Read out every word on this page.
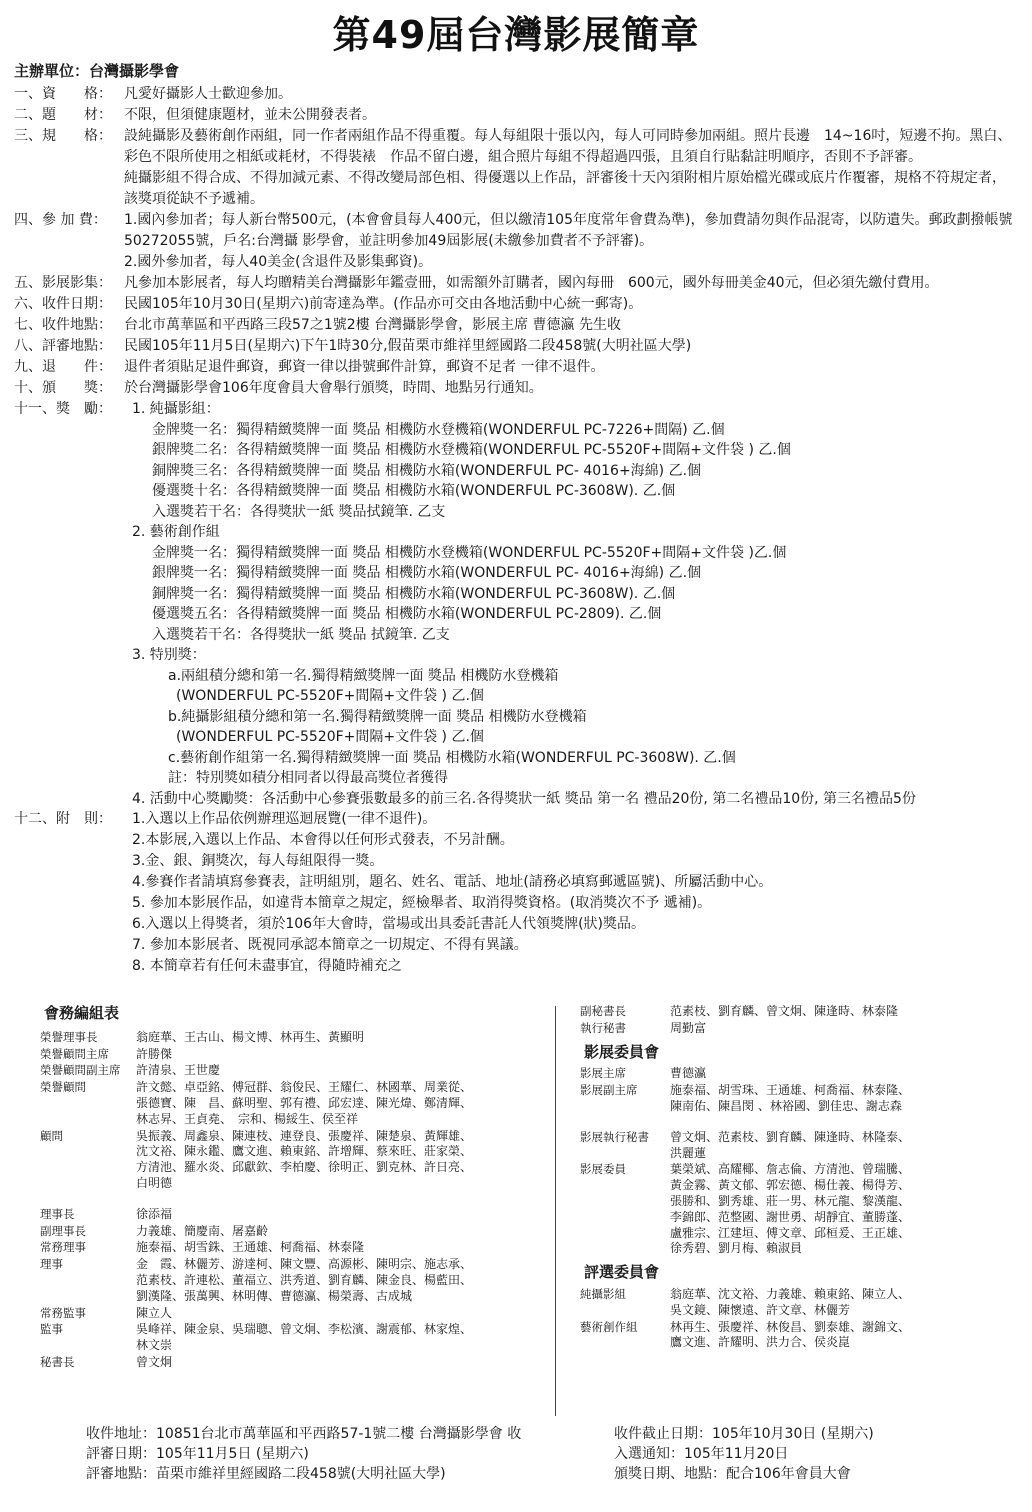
第49屆台灣影展簡章
主辦單位：台灣攝影學會
一、資　　格： 凡愛好攝影人士歡迎參加。
二、題　　材： 不限，但須健康題材，並未公開發表者。
三、規　　格： 設純攝影及藝術創作兩組，同一作者兩組作品不得重覆。每人每組限十張以內，每人可同時參加兩組。照片長邊　14~16吋，短邊不拘。黑白、彩色不限所使用之相紙或耗材，不得裝裱　作品不留白邊，組合照片每組不得超過四張，且須自行貼黏註明順序，否則不予評審。
純攝影組不得合成、不得加減元素、不得改變局部色相、得優選以上作品，評審後十天內須附相片原始檔光碟或底片作覆審，規格不符規定者，該獎項從缺不予遞補。
四、參 加 費：	1.國內參加者；每人新台幣500元，(本會會員每人400元，但以繳清105年度常年會費為準)，參加費請勿與作品混寄，以防遺失。郵政劃撥帳號50272055號，戶名:台灣攝 影學會，並註明參加49屆影展(未繳參加費者不予評審)。
2.國外參加者，每人40美金(含退件及影集郵資)。
五、影展影集： 凡參加本影展者，每人均贈精美台灣攝影年鑑壹冊，如需額外訂購者，國內每冊　600元，國外每冊美金40元，但必須先繳付費用。
六、收件日期： 民國105年10月30日(星期六)前寄達為準。(作品亦可交由各地活動中心統一郵寄)。
七、收件地點： 台北市萬華區和平西路三段57之1號2樓 台灣攝影學會，影展主席 曹德瀛 先生收
八、評審地點： 民國105年11月5日(星期六)下午1時30分,假苗栗市維祥里經國路二段458號(大明社區大學)
九、退　　件： 退件者須貼足退件郵資，郵資一律以掛號郵件計算，郵資不足者 一律不退件。
十、頒　　獎： 於台灣攝影學會106年度會員大會舉行頒獎，時間、地點另行通知。
十一、獎　勵：	1. 純攝影組：
金牌獎一名：獨得精緻獎牌一面 獎品 相機防水登機箱(WONDERFUL PC-7226+間隔) 乙.個
銀牌獎二名：各得精緻獎牌一面 獎品 相機防水登機箱(WONDERFUL PC-5520F+間隔+文件袋 ) 乙.個
銅牌獎三名：各得精緻獎牌一面 獎品 相機防水箱(WONDERFUL PC- 4016+海綿) 乙.個
優選獎十名：各得精緻獎牌一面 獎品 相機防水箱(WONDERFUL PC-3608W). 乙.個
入選獎若干名：各得獎狀一紙 獎品拭鏡筆. 乙支
2. 藝術創作組
金牌獎一名：獨得精緻獎牌一面 獎品 相機防水登機箱(WONDERFUL PC-5520F+間隔+文件袋 )乙.個
銀牌獎一名：獨得精緻獎牌一面 獎品 相機防水箱(WONDERFUL PC- 4016+海綿) 乙.個
銅牌獎一名：獨得精緻獎牌一面 獎品 相機防水箱(WONDERFUL PC-3608W). 乙.個
優選獎五名：各得精緻獎牌一面 獎品 相機防水箱(WONDERFUL PC-2809). 乙.個
入選獎若干名：各得獎狀一紙 獎品 拭鏡筆. 乙支
3. 特別獎：
a.兩組積分總和第一名.獨得精緻獎牌一面 獎品 相機防水登機箱
(WONDERFUL PC-5520F+間隔+文件袋 ) 乙.個
b.純攝影組積分總和第一名.獨得精緻獎牌一面 獎品 相機防水登機箱
(WONDERFUL PC-5520F+間隔+文件袋 ) 乙.個
c.藝術創作組第一名.獨得精緻獎牌一面 獎品 相機防水箱(WONDERFUL PC-3608W). 乙.個
註：特別獎如積分相同者以得最高獎位者獲得
4. 活動中心獎勵獎：各活動中心參賽張數最多的前三名.各得獎狀一紙 獎品 第一名 禮品20份, 第二名禮品10份, 第三名禮品5份
十二、附　則：	1.入選以上作品依例辦理巡迴展覽(一律不退件)。
2.本影展,入選以上作品、本會得以任何形式發表，不另計酬。
3.金、銀、銅獎次，每人每組限得一獎。
4.參賽作者請填寫參賽表，註明組別，題名、姓名、電話、地址(請務必填寫郵遞區號)、所屬活動中心。
5. 參加本影展作品，如違背本簡章之規定，經檢舉者、取消得獎資格。(取消獎次不予 遞補)。
6.入選以上得獎者，須於106年大會時，當場或出具委託書託人代領獎牌(狀)獎品。
7. 參加本影展者、既視同承認本簡章之一切規定、不得有異議。
8. 本簡章若有任何未盡事宜，得隨時補充之
會務編組表
榮譽理事長	翁庭華、王古山、楊文博、林再生、黃顯明
榮譽顧問主席	許勝傑
榮譽顧問副主席	許清泉、王世慶
榮譽顧問	許文懿、卓亞銘、傅冠群、翁俊民、王耀仁、林國華、周業從、
張德寶、陳　昌、蘇明聖、郭有禮、邱宏達、陳光煒、鄭清輝、
林志昇、王貞堯、　宗和、楊綏生、侯至祥
顧問	吳振義、周鑫泉、陳連枝、連登良、張慶祥、陳楚泉、黃輝雄、
沈文裕、陳永鑑、鷹文進、賴東銘、許增輝、蔡來旺、莊家榮、
方清池、羅水炎、邱獻欽、李柏慶、徐明正、劉克林、許日亮、
白明德
理事長	徐添福
副理事長	力義雄、簡慶南、屠嘉齡
常務理事	施泰福、胡雪銖、王通雄、柯喬福、林泰隆
理事	金　霞、林儷芳、游達柯、陳文豐、高源彬、陳明宗、施志承、
范素枝、許連松、董福立、洪秀道、劉育麟、陳金良、楊藍田、
劉漢隆、張萬興、林明傳、曹德瀛、楊榮壽、古成城
常務監事	陳立人
監事	吳峰祥、陳金泉、吳瑞聰、曾文炯、李松濱、謝震郁、林家煌、
林文崇
秘書長	曾文炯
副秘書長	范素枝、劉育麟、曾文炯、陳逢時、林泰隆
執行秘書	周勤富
影展委員會
影展主席	曹德瀛
影展副主席	施泰福、胡雪珠、王通雄、柯喬福、林泰隆、
陳南佑、陳昌閔 、林裕國、劉佳忠、謝志森
影展執行秘書	曾文炯、范素枝、劉育麟、陳逢時、林隆泰、
洪麗蓮
影展委員	葉榮斌、高耀椰、詹志倫、方清池、曾瑞騰、
黃金霧、黃文郁、郭宏德、楊仕義、楊得芳、
張勝和、劉秀雄、莊一男、林元龍、黎漢龍、
李錦郎、范整國、謝世勇、胡靜宜、董勝蓬、
盧雅宗、江建垣、傅文章、邱桓爰、王正雄、
徐秀碧、劉月梅、賴淑員
評選委員會
純攝影組	翁庭華、沈文裕、力義雄、賴東銘、陳立人、
吳文鏡、陳懷遠、許文章、林儷芳
藝術創作組	林再生、張慶祥、林俊昌、劉泰雄、謝錦文、
鷹文進、許耀明、洪力合、侯炎崑
收件地址：10851台北市萬華區和平西路57-1號二樓 台灣攝影學會 收
評審日期：105年11月5日 (星期六)
評審地點：苗栗市維祥里經國路二段458號(大明社區大學)
收件截止日期：105年10月30日 (星期六)
入選通知：105年11月20日
頒獎日期、地點：配合106年會員大會
